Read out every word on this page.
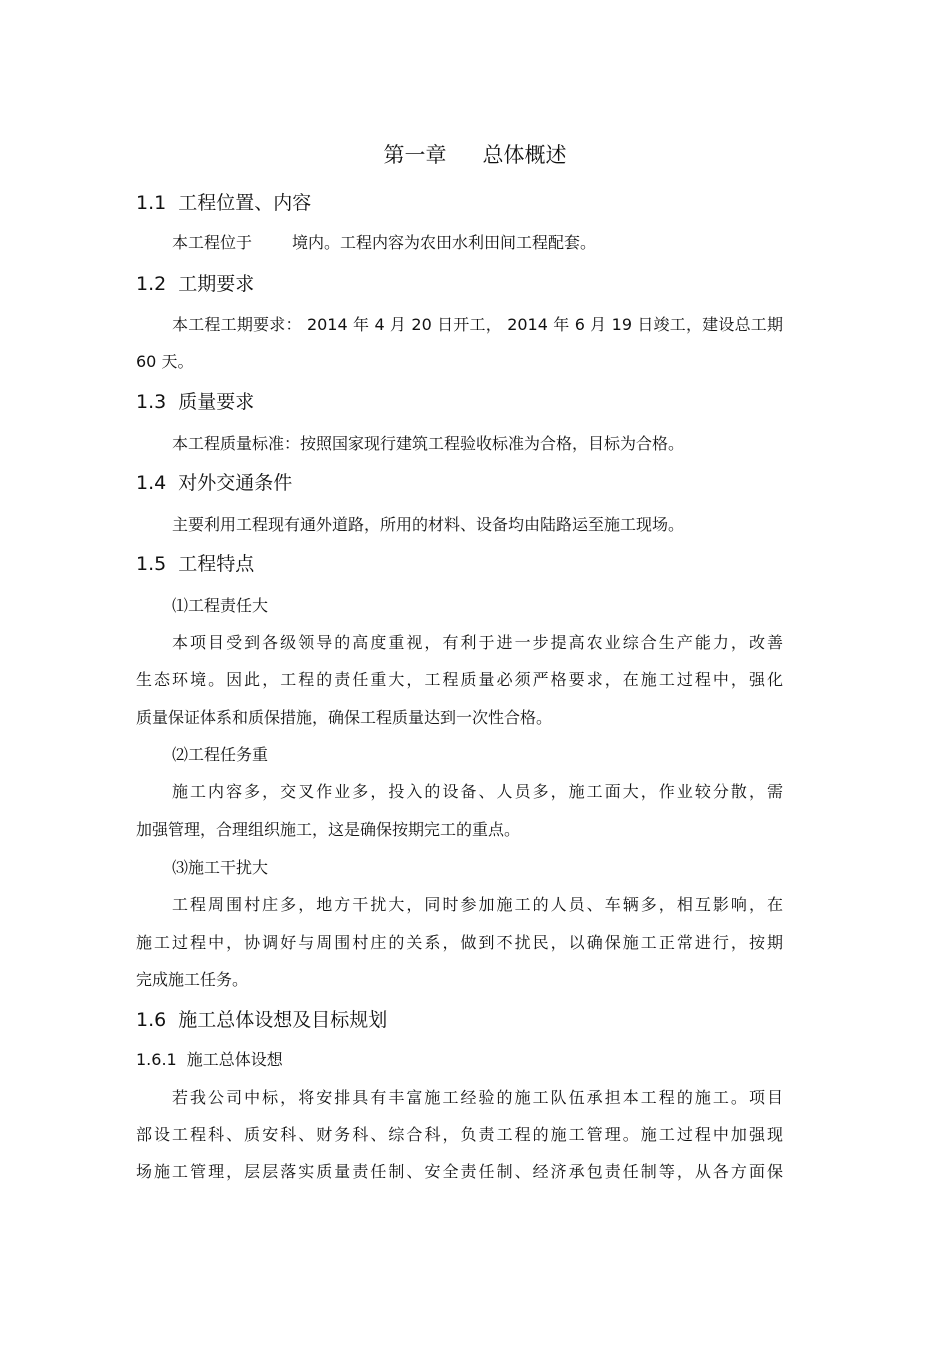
第一章 总体概述
1.1 工程位置、内容
本工程位于	境内。工程内容为农田水利田间工程配套。
1.2 工期要求
本工程工期要求： 2014 年 4 月 20 日开工， 2014 年 6 月 19 日竣工，建设总工期
60 天。
1.3 质量要求
本工程质量标准：按照国家现行建筑工程验收标准为合格，目标为合格。
1.4 对外交通条件
主要利用工程现有通外道路，所用的材料、设备均由陆路运至施工现场。
1.5 工程特点
⑴工程责任大
本项目受到各级领导的高度重视，有利于进一步提高农业综合生产能力，改善
生态环境。因此，工程的责任重大，工程质量必须严格要求，在施工过程中，强化
质量保证体系和质保措施，确保工程质量达到一次性合格。
⑵工程任务重
施工内容多，交叉作业多，投入的设备、人员多，施工面大，作业较分散，需
加强管理，合理组织施工，这是确保按期完工的重点。
⑶施工干扰大
工程周围村庄多，地方干扰大，同时参加施工的人员、车辆多，相互影响，在
施工过程中，协调好与周围村庄的关系，做到不扰民，以确保施工正常进行，按期
完成施工任务。
1.6 施工总体设想及目标规划
1.6.1 施工总体设想
若我公司中标，将安排具有丰富施工经验的施工队伍承担本工程的施工。项目
部设工程科、质安科、财务科、综合科，负责工程的施工管理。施工过程中加强现
场施工管理，层层落实质量责任制、安全责任制、经济承包责任制等，从各方面保
